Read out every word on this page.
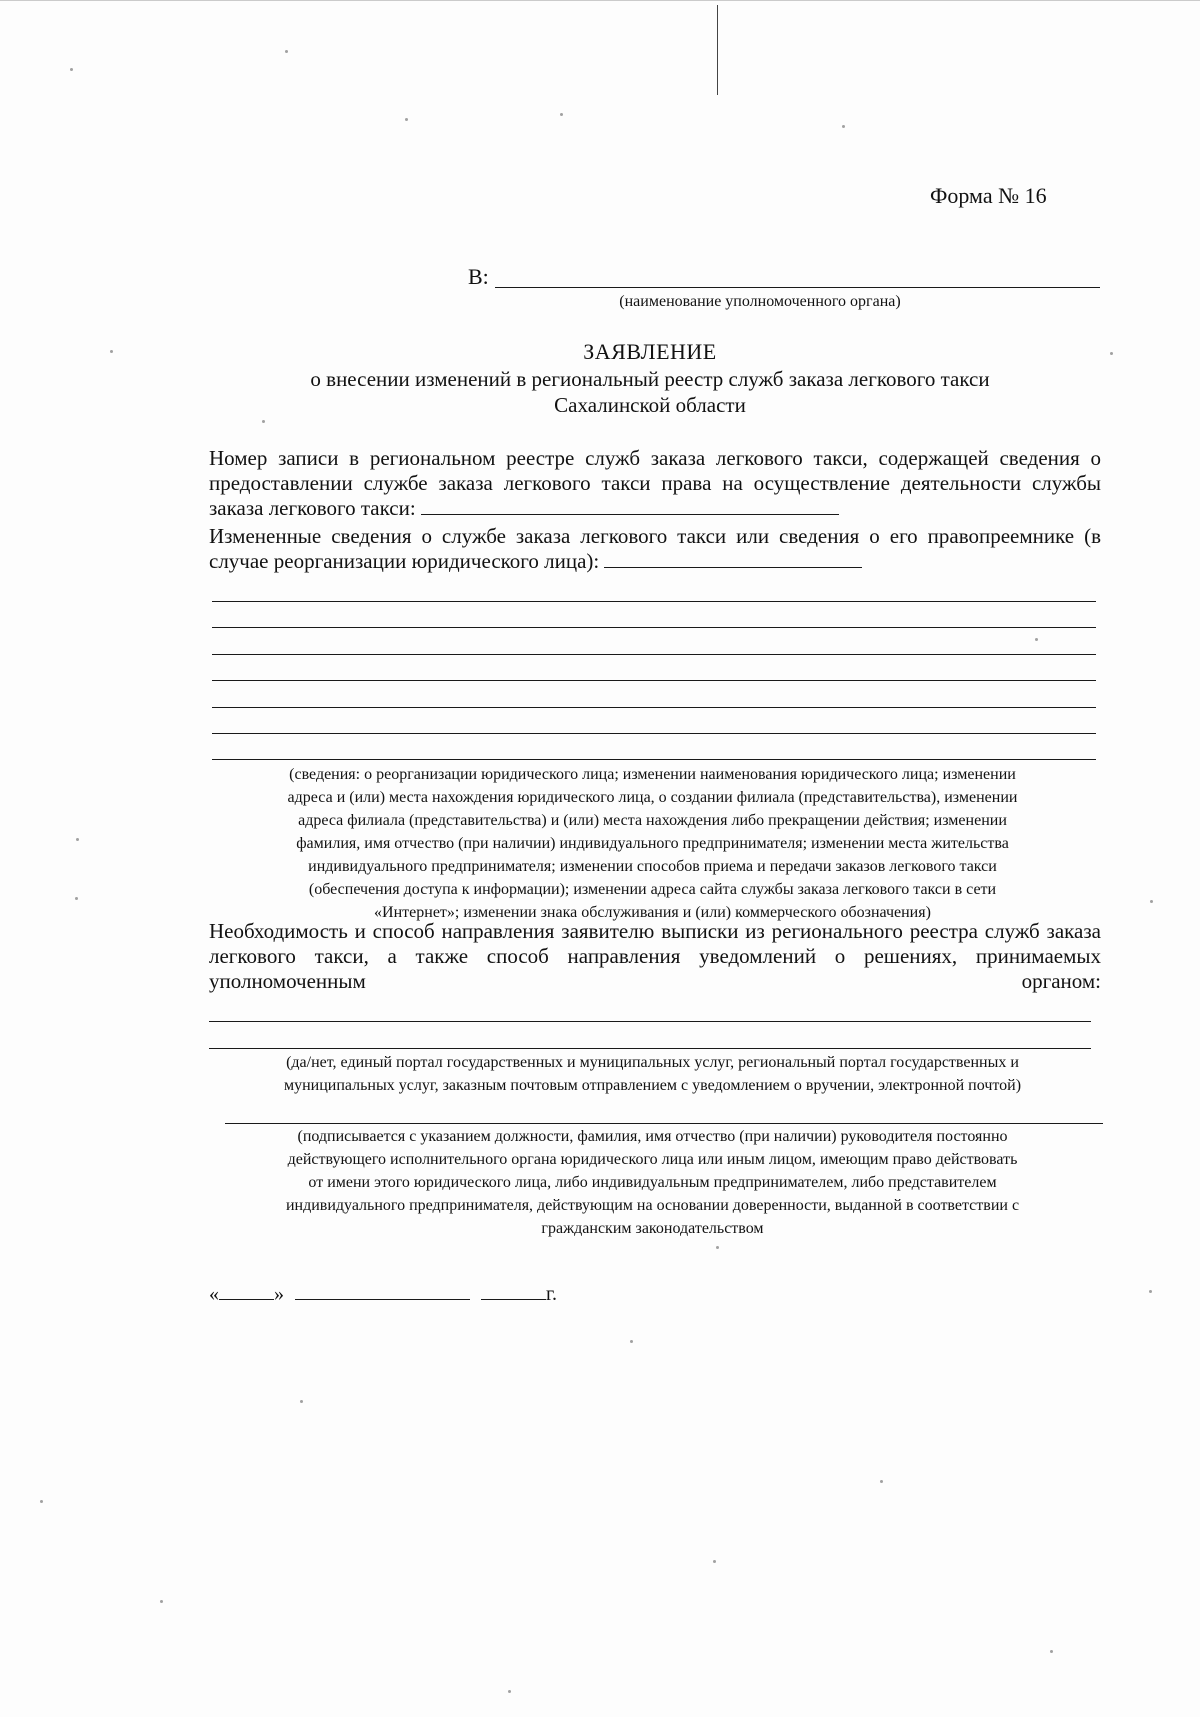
Форма № 16
В:
(наименование уполномоченного органа)
ЗАЯВЛЕНИЕ
о внесении изменений в региональный реестр служб заказа легкового такси
Сахалинской области
Номер записи в региональном реестре служб заказа легкового такси, содержащей сведения о предоставлении службе заказа легкового такси права на осуществление деятельности службы заказа легкового такси:
Измененные сведения о службе заказа легкового такси или сведения о его правопреемнике (в случае реорганизации юридического лица):
(сведения: о реорганизации юридического лица; изменении наименования юридического лица; изменении
адреса и (или) места нахождения юридического лица, о создании филиала (представительства), изменении
адреса филиала (представительства) и (или) места нахождения либо прекращении действия; изменении
фамилия, имя отчество (при наличии) индивидуального предпринимателя; изменении места жительства
индивидуального предпринимателя; изменении способов приема и передачи заказов легкового такси
(обеспечения доступа к информации); изменении адреса сайта службы заказа легкового такси в сети
«Интернет»; изменении знака обслуживания и (или) коммерческого обозначения)
Необходимость и способ направления заявителю выписки из регионального реестра служб заказа легкового такси, а также способ направления уведомлений о решениях, принимаемых уполномоченным органом:
(да/нет, единый портал государственных и муниципальных услуг, региональный портал государственных и
муниципальных услуг, заказным почтовым отправлением с уведомлением о вручении, электронной почтой)
(подписывается с указанием должности, фамилия, имя отчество (при наличии) руководителя постоянно
действующего исполнительного органа юридического лица или иным лицом, имеющим право действовать
от имени этого юридического лица, либо индивидуальным предпринимателем, либо представителем
индивидуального предпринимателя, действующим на основании доверенности, выданной в соответствии с
гражданским законодательством
«	»	г.
